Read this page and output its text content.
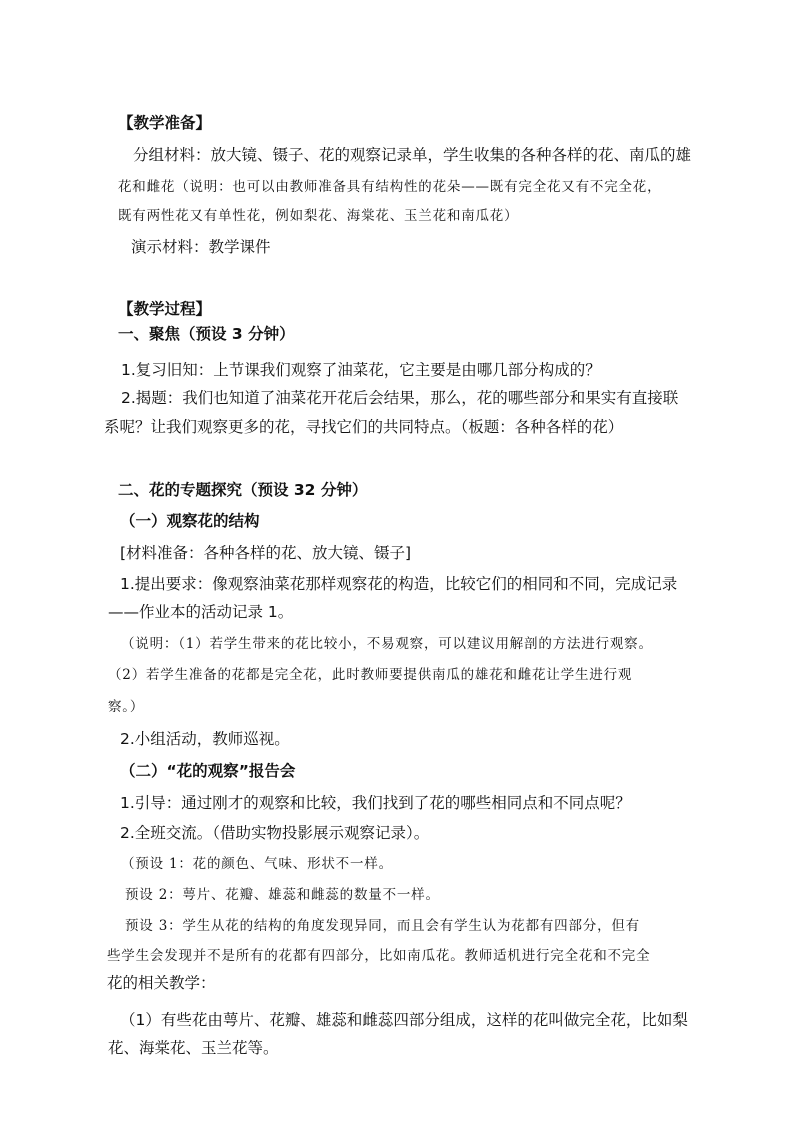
【教学准备】
分组材料：放大镜、镊子、花的观察记录单，学生收集的各种各样的花、南瓜的雄
花和雌花（说明：也可以由教师准备具有结构性的花朵——既有完全花又有不完全花，
既有两性花又有单性花，例如梨花、海棠花、玉兰花和南瓜花）
演示材料：教学课件
【教学过程】
一、聚焦（预设 3 分钟）
1.复习旧知：上节课我们观察了油菜花，它主要是由哪几部分构成的？
2.揭题：我们也知道了油菜花开花后会结果，那么，花的哪些部分和果实有直接联
系呢？让我们观察更多的花，寻找它们的共同特点。（板题：各种各样的花）
二、花的专题探究（预设 32 分钟）
（一）观察花的结构
[材料准备：各种各样的花、放大镜、镊子]
1.提出要求：像观察油菜花那样观察花的构造，比较它们的相同和不同，完成记录
——作业本的活动记录 1。
（说明：（1）若学生带来的花比较小，不易观察，可以建议用解剖的方法进行观察。
（2）若学生准备的花都是完全花，此时教师要提供南瓜的雄花和雌花让学生进行观
察。）
2.小组活动，教师巡视。
（二）“花的观察”报告会
1.引导：通过刚才的观察和比较，我们找到了花的哪些相同点和不同点呢？
2.全班交流。（借助实物投影展示观察记录）。
（预设 1：花的颜色、气味、形状不一样。
预设 2：萼片、花瓣、雄蕊和雌蕊的数量不一样。
预设 3：学生从花的结构的角度发现异同，而且会有学生认为花都有四部分，但有
些学生会发现并不是所有的花都有四部分，比如南瓜花。教师适机进行完全花和不完全
花的相关教学：
（1）有些花由萼片、花瓣、雄蕊和雌蕊四部分组成，这样的花叫做完全花，比如梨
花、海棠花、玉兰花等。
